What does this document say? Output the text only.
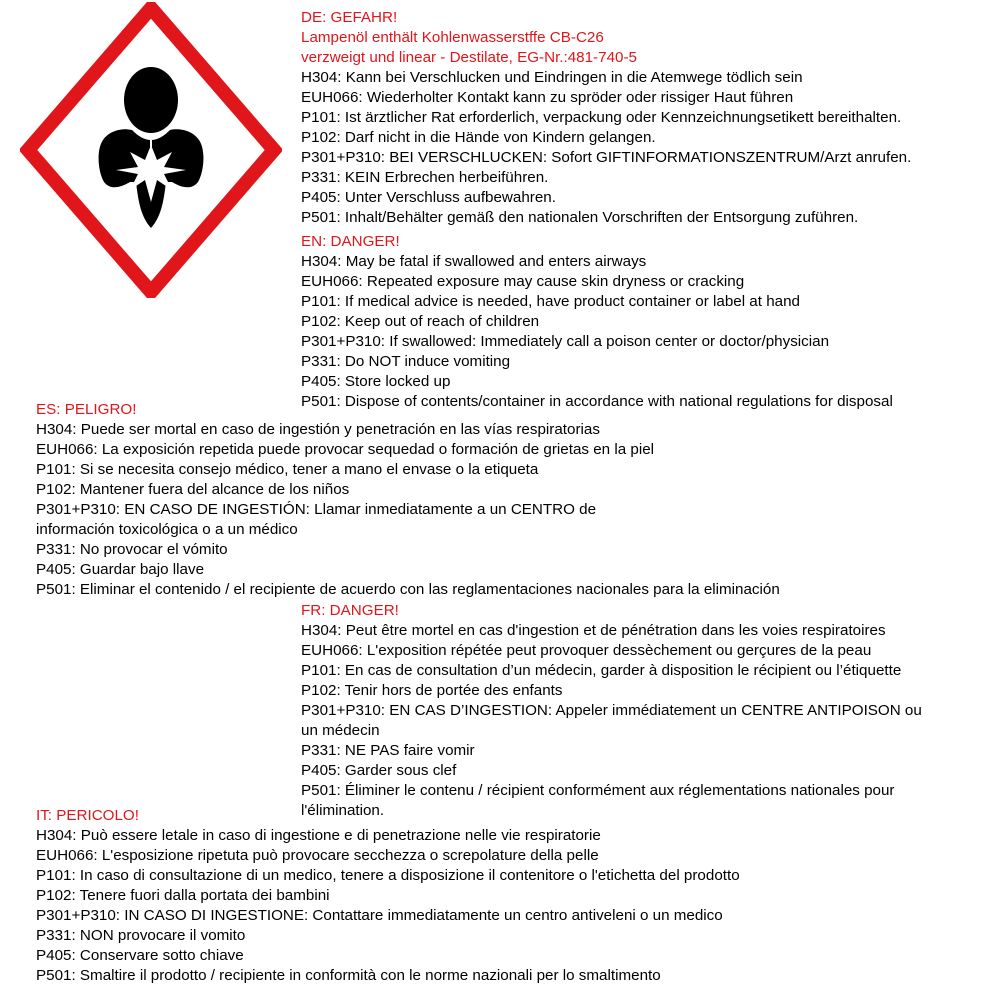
DE: GEFAHR!
Lampenöl enthält Kohlenwasserstffe CB-C26
verzweigt und linear - Destilate, EG-Nr.:481-740-5
H304: Kann bei Verschlucken und Eindringen in die Atemwege tödlich sein
EUH066: Wiederholter Kontakt kann zu spröder oder rissiger Haut führen
P101: Ist ärztlicher Rat erforderlich, verpackung oder Kennzeichnungsetikett bereithalten.
P102: Darf nicht in die Hände von Kindern gelangen.
P301+P310: BEI VERSCHLUCKEN: Sofort GIFTINFORMATIONSZENTRUM/Arzt anrufen.
P331: KEIN Erbrechen herbeiführen.
P405: Unter Verschluss aufbewahren.
P501: Inhalt/Behälter gemäß den nationalen Vorschriften der Entsorgung zuführen.
EN: DANGER!
H304: May be fatal if swallowed and enters airways
EUH066: Repeated exposure may cause skin dryness or cracking
P101: If medical advice is needed, have product container or label at hand
P102: Keep out of reach of children
P301+P310: If swallowed: Immediately call a poison center or doctor/physician
P331: Do NOT induce vomiting
P405: Store locked up
P501: Dispose of contents/container in accordance with national regulations for disposal
ES: PELIGRO!
H304: Puede ser mortal en caso de ingestión y penetración en las vías respiratorias
EUH066: La exposición repetida puede provocar sequedad o formación de grietas en la piel
P101: Si se necesita consejo médico, tener a mano el envase o la etiqueta
P102: Mantener fuera del alcance de los niños
P301+P310: EN CASO DE INGESTIÓN: Llamar inmediatamente a un CENTRO de
información toxicológica o a un médico
P331: No provocar el vómito
P405: Guardar bajo llave
P501: Eliminar el contenido / el recipiente de acuerdo con las reglamentaciones nacionales para la eliminación
FR: DANGER!
H304: Peut être mortel en cas d'ingestion et de pénétration dans les voies respiratoires
EUH066: L'exposition répétée peut provoquer dessèchement ou gerçures de la peau
P101: En cas de consultation d’un médecin, garder à disposition le récipient ou l’étiquette
P102: Tenir hors de portée des enfants
P301+P310: EN CAS D’INGESTION: Appeler immédiatement un CENTRE ANTIPOISON ou
un médecin
P331: NE PAS faire vomir
P405: Garder sous clef
P501: Éliminer le contenu / récipient conformément aux réglementations nationales pour
l'élimination.
IT: PERICOLO!
H304: Può essere letale in caso di ingestione e di penetrazione nelle vie respiratorie
EUH066: L'esposizione ripetuta può provocare secchezza o screpolature della pelle
P101: In caso di consultazione di un medico, tenere a disposizione il contenitore o l'etichetta del prodotto
P102: Tenere fuori dalla portata dei bambini
P301+P310: IN CASO DI INGESTIONE: Contattare immediatamente un centro antiveleni o un medico
P331: NON provocare il vomito
P405: Conservare sotto chiave
P501: Smaltire il prodotto / recipiente in conformità con le norme nazionali per lo smaltimento
